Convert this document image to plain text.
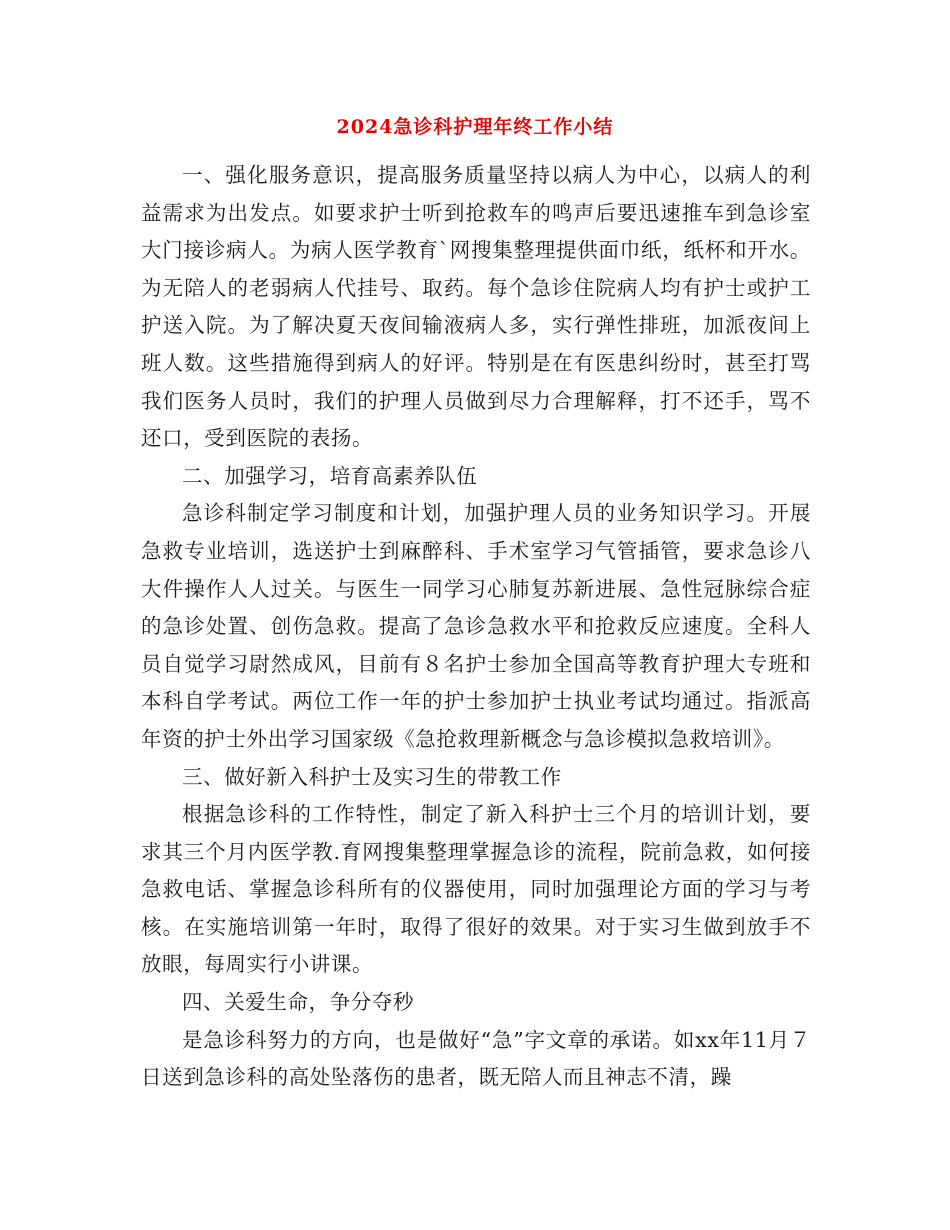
2024急诊科护理年终工作小结

一、强化服务意识，提高服务质量坚持以病人为中心，以病人的利益需求为出发点。如要求护士听到抢救车的鸣声后要迅速推车到急诊室大门接诊病人。为病人医学教育`网搜集整理提供面巾纸，纸杯和开水。为无陪人的老弱病人代挂号、取药。每个急诊住院病人均有护士或护工护送入院。为了解决夏天夜间输液病人多，实行弹性排班，加派夜间上班人数。这些措施得到病人的好评。特别是在有医患纠纷时，甚至打骂我们医务人员时，我们的护理人员做到尽力合理解释，打不还手，骂不还口，受到医院的表扬。

二、加强学习，培育高素养队伍

急诊科制定学习制度和计划，加强护理人员的业务知识学习。开展急救专业培训，选送护士到麻醉科、手术室学习气管插管，要求急诊八大件操作人人过关。与医生一同学习心肺复苏新进展、急性冠脉综合症的急诊处置、创伤急救。提高了急诊急救水平和抢救反应速度。全科人员自觉学习尉然成风，目前有８名护士参加全国高等教育护理大专班和本科自学考试。两位工作一年的护士参加护士执业考试均通过。指派高年资的护士外出学习国家级《急抢救理新概念与急诊模拟急救培训》。

三、做好新入科护士及实习生的带教工作

根据急诊科的工作特性，制定了新入科护士三个月的培训计划，要求其三个月内医学教.育网搜集整理掌握急诊的流程，院前急救，如何接急救电话、掌握急诊科所有的仪器使用，同时加强理论方面的学习与考核。在实施培训第一年时，取得了很好的效果。对于实习生做到放手不放眼，每周实行小讲课。

四、关爱生命，争分夺秒

是急诊科努力的方向，也是做好“急”字文章的承诺。如xx年11月７日送到急诊科的高处坠落伤的患者，既无陪人而且神志不清，躁
